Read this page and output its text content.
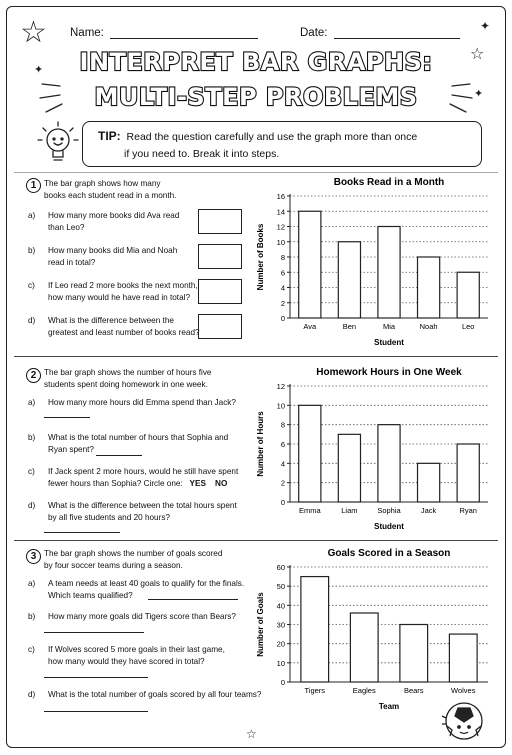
☆	✦
☆
✦
✦
☆
Name:	Date:
INTERPRET BAR GRAPHS:
MULTI-STEP PROBLEMS
TIP: Read the question carefully and use the graph more than once
if you need to. Break it into steps.
1 The bar graph shows how many
books each student read in a month.
a) How many more books did Ava read
than Leo?
b) How many books did Mia and Noah
read in total?
c) If Leo read 2 more books the next month,
how many would he have read in total?
d) What is the difference between the
greatest and least number of books read?
Books Read in a Month
0
2
4
6
8
10
12
14
16
Ava	Ben	Mia	Noah	Leo
Student
Number of Books
2 The bar graph shows the number of hours five
students spent doing homework in one week.
a) How many more hours did Emma spend than Jack?
b) What is the total number of hours that Sophia and
Ryan spent?
c) If Jack spent 2 more hours, would he still have spent
fewer hours than Sophia? Circle one: YES NO
d) What is the difference between the total hours spent
by all five students and 20 hours?
Homework Hours in One Week
0
2
4
6
8
10
12
Emma	Liam	Sophia	Jack	Ryan
Student
Number of Hours
3 The bar graph shows the number of goals scored
by four soccer teams during a season.
a) A team needs at least 40 goals to qualify for the finals.
Which teams qualified?
b) How many more goals did Tigers score than Bears?
c) If Wolves scored 5 more goals in their last game,
how many would they have scored in total?
d) What is the total number of goals scored by all four teams?
Goals Scored in a Season
0
10
20
30
40
50
60
Tigers	Eagles	Bears	Wolves
Team
Number of Goals
